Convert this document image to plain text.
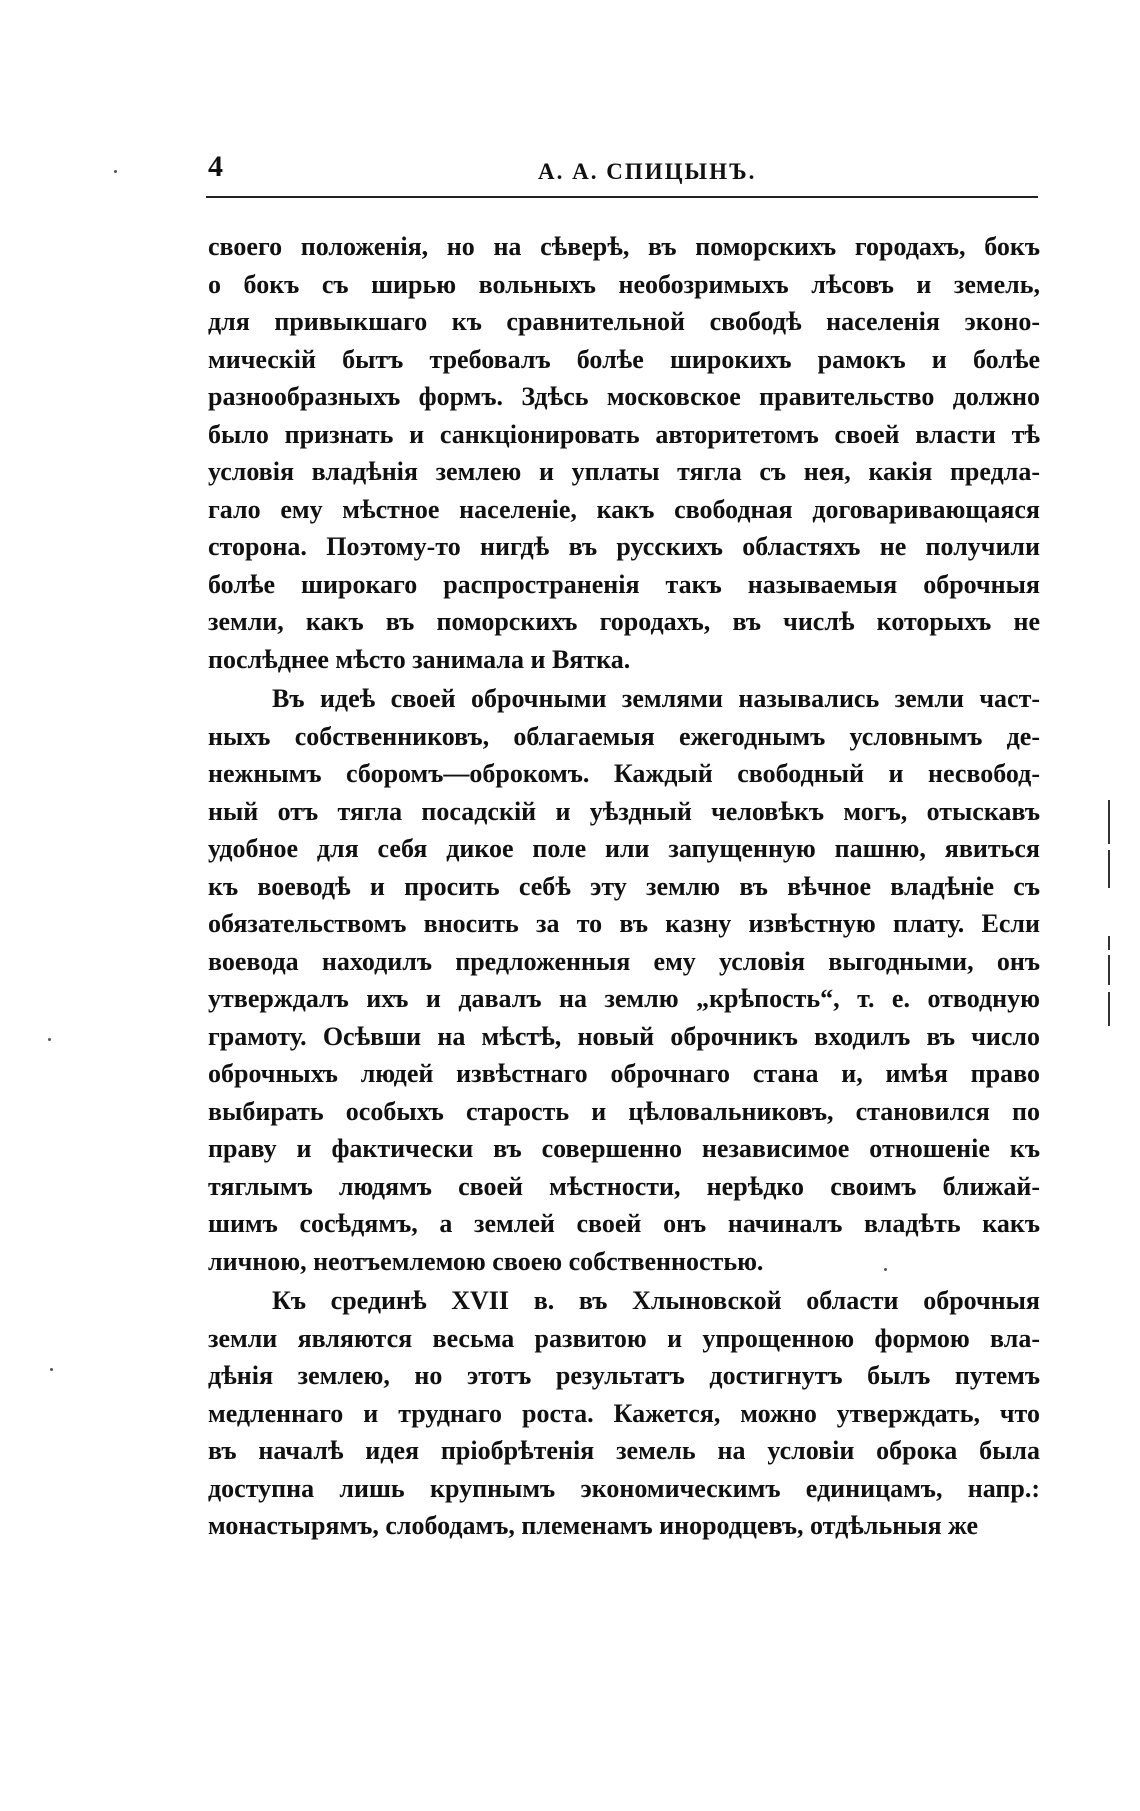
4	А. А. СПИЦЫНЪ.
своего положенія, но на сѣверѣ, въ поморскихъ городахъ, бокъ
о бокъ съ ширью вольныхъ необозримыхъ лѣсовъ и земель,
для привыкшаго къ сравнительной свободѣ населенія эконо-
мическій бытъ требовалъ болѣе широкихъ рамокъ и болѣе
разнообразныхъ формъ. Здѣсь московское правительство должно
было признать и санкціонировать авторитетомъ своей власти тѣ
условія владѣнія землею и уплаты тягла съ нея, какія предла-
гало ему мѣстное населеніе, какъ свободная договаривающаяся
сторона. Поэтому-то нигдѣ въ русскихъ областяхъ не получили
болѣе широкаго распространенія такъ называемыя оброчныя
земли, какъ въ поморскихъ городахъ, въ числѣ которыхъ не
послѣднее мѣсто занимала и Вятка.
Въ идеѣ своей оброчными землями назывались земли част-
ныхъ собственниковъ, облагаемыя ежегоднымъ условнымъ де-
нежнымъ сборомъ—оброкомъ. Каждый свободный и несвобод-
ный отъ тягла посадскій и уѣздный человѣкъ могъ, отыскавъ
удобное для себя дикое поле или запущенную пашню, явиться
къ воеводѣ и просить себѣ эту землю въ вѣчное владѣніе съ
обязательствомъ вносить за то въ казну извѣстную плату. Если
воевода находилъ предложенныя ему условія выгодными, онъ
утверждалъ ихъ и давалъ на землю „крѣпость“, т. е. отводную
грамоту. Осѣвши на мѣстѣ, новый оброчникъ входилъ въ число
оброчныхъ людей извѣстнаго оброчнаго стана и, имѣя право
выбирать особыхъ староcть и цѣловальниковъ, становился по
праву и фактически въ совершенно независимое отношеніе къ
тяглымъ людямъ своей мѣстности, нерѣдко своимъ ближай-
шимъ сосѣдямъ, а землей своей онъ начиналъ владѣть какъ
личною, неотъемлемою своею собственностью.
Къ срединѣ XVII в. въ Хлыновской области оброчныя
земли являются весьма развитою и упрощенною формою вла-
дѣнія землею, но этотъ результатъ достигнутъ былъ путемъ
медленнаго и труднаго роста. Кажется, можно утверждать, что
въ началѣ идея пріобрѣтенія земель на условіи оброка была
доступна лишь крупнымъ экономическимъ единицамъ, напр.:
монастырямъ, слободамъ, племенамъ инородцевъ, отдѣльныя же
